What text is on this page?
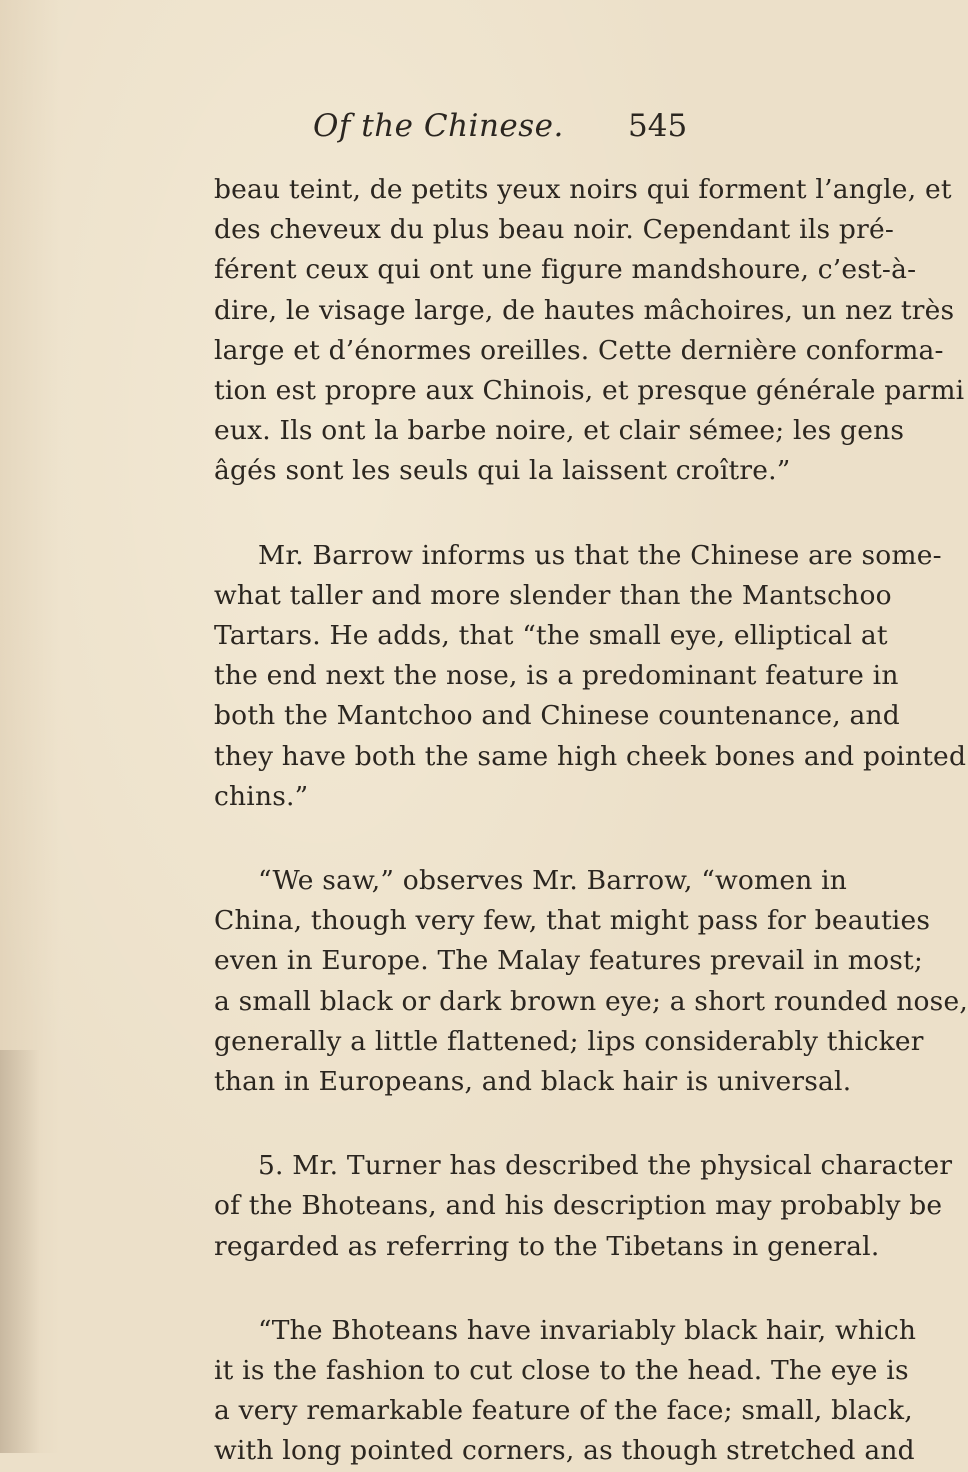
Of the Chinese. 545

beau teint, de petits yeux noirs qui forment l’angle, et
des cheveux du plus beau noir. Cependant ils pré-
férent ceux qui ont une figure mandshoure, c’est-à-
dire, le visage large, de hautes mâchoires, un nez très
large et d’énormes oreilles. Cette dernière conforma-
tion est propre aux Chinois, et presque générale parmi
eux. Ils ont la barbe noire, et clair sémee; les gens
âgés sont les seuls qui la laissent croître.”

Mr. Barrow informs us that the Chinese are some-
what taller and more slender than the Mantschoo
Tartars. He adds, that “the small eye, elliptical at
the end next the nose, is a predominant feature in
both the Mantchoo and Chinese countenance, and
they have both the same high cheek bones and pointed
chins.”

“We saw,” observes Mr. Barrow, “women in
China, though very few, that might pass for beauties
even in Europe. The Malay features prevail in most;
a small black or dark brown eye; a short rounded nose,
generally a little flattened; lips considerably thicker
than in Europeans, and black hair is universal.

5. Mr. Turner has described the physical character
of the Bhoteans, and his description may probably be
regarded as referring to the Tibetans in general.

“The Bhoteans have invariably black hair, which
it is the fashion to cut close to the head. The eye is
a very remarkable feature of the face; small, black,
with long pointed corners, as though stretched and
